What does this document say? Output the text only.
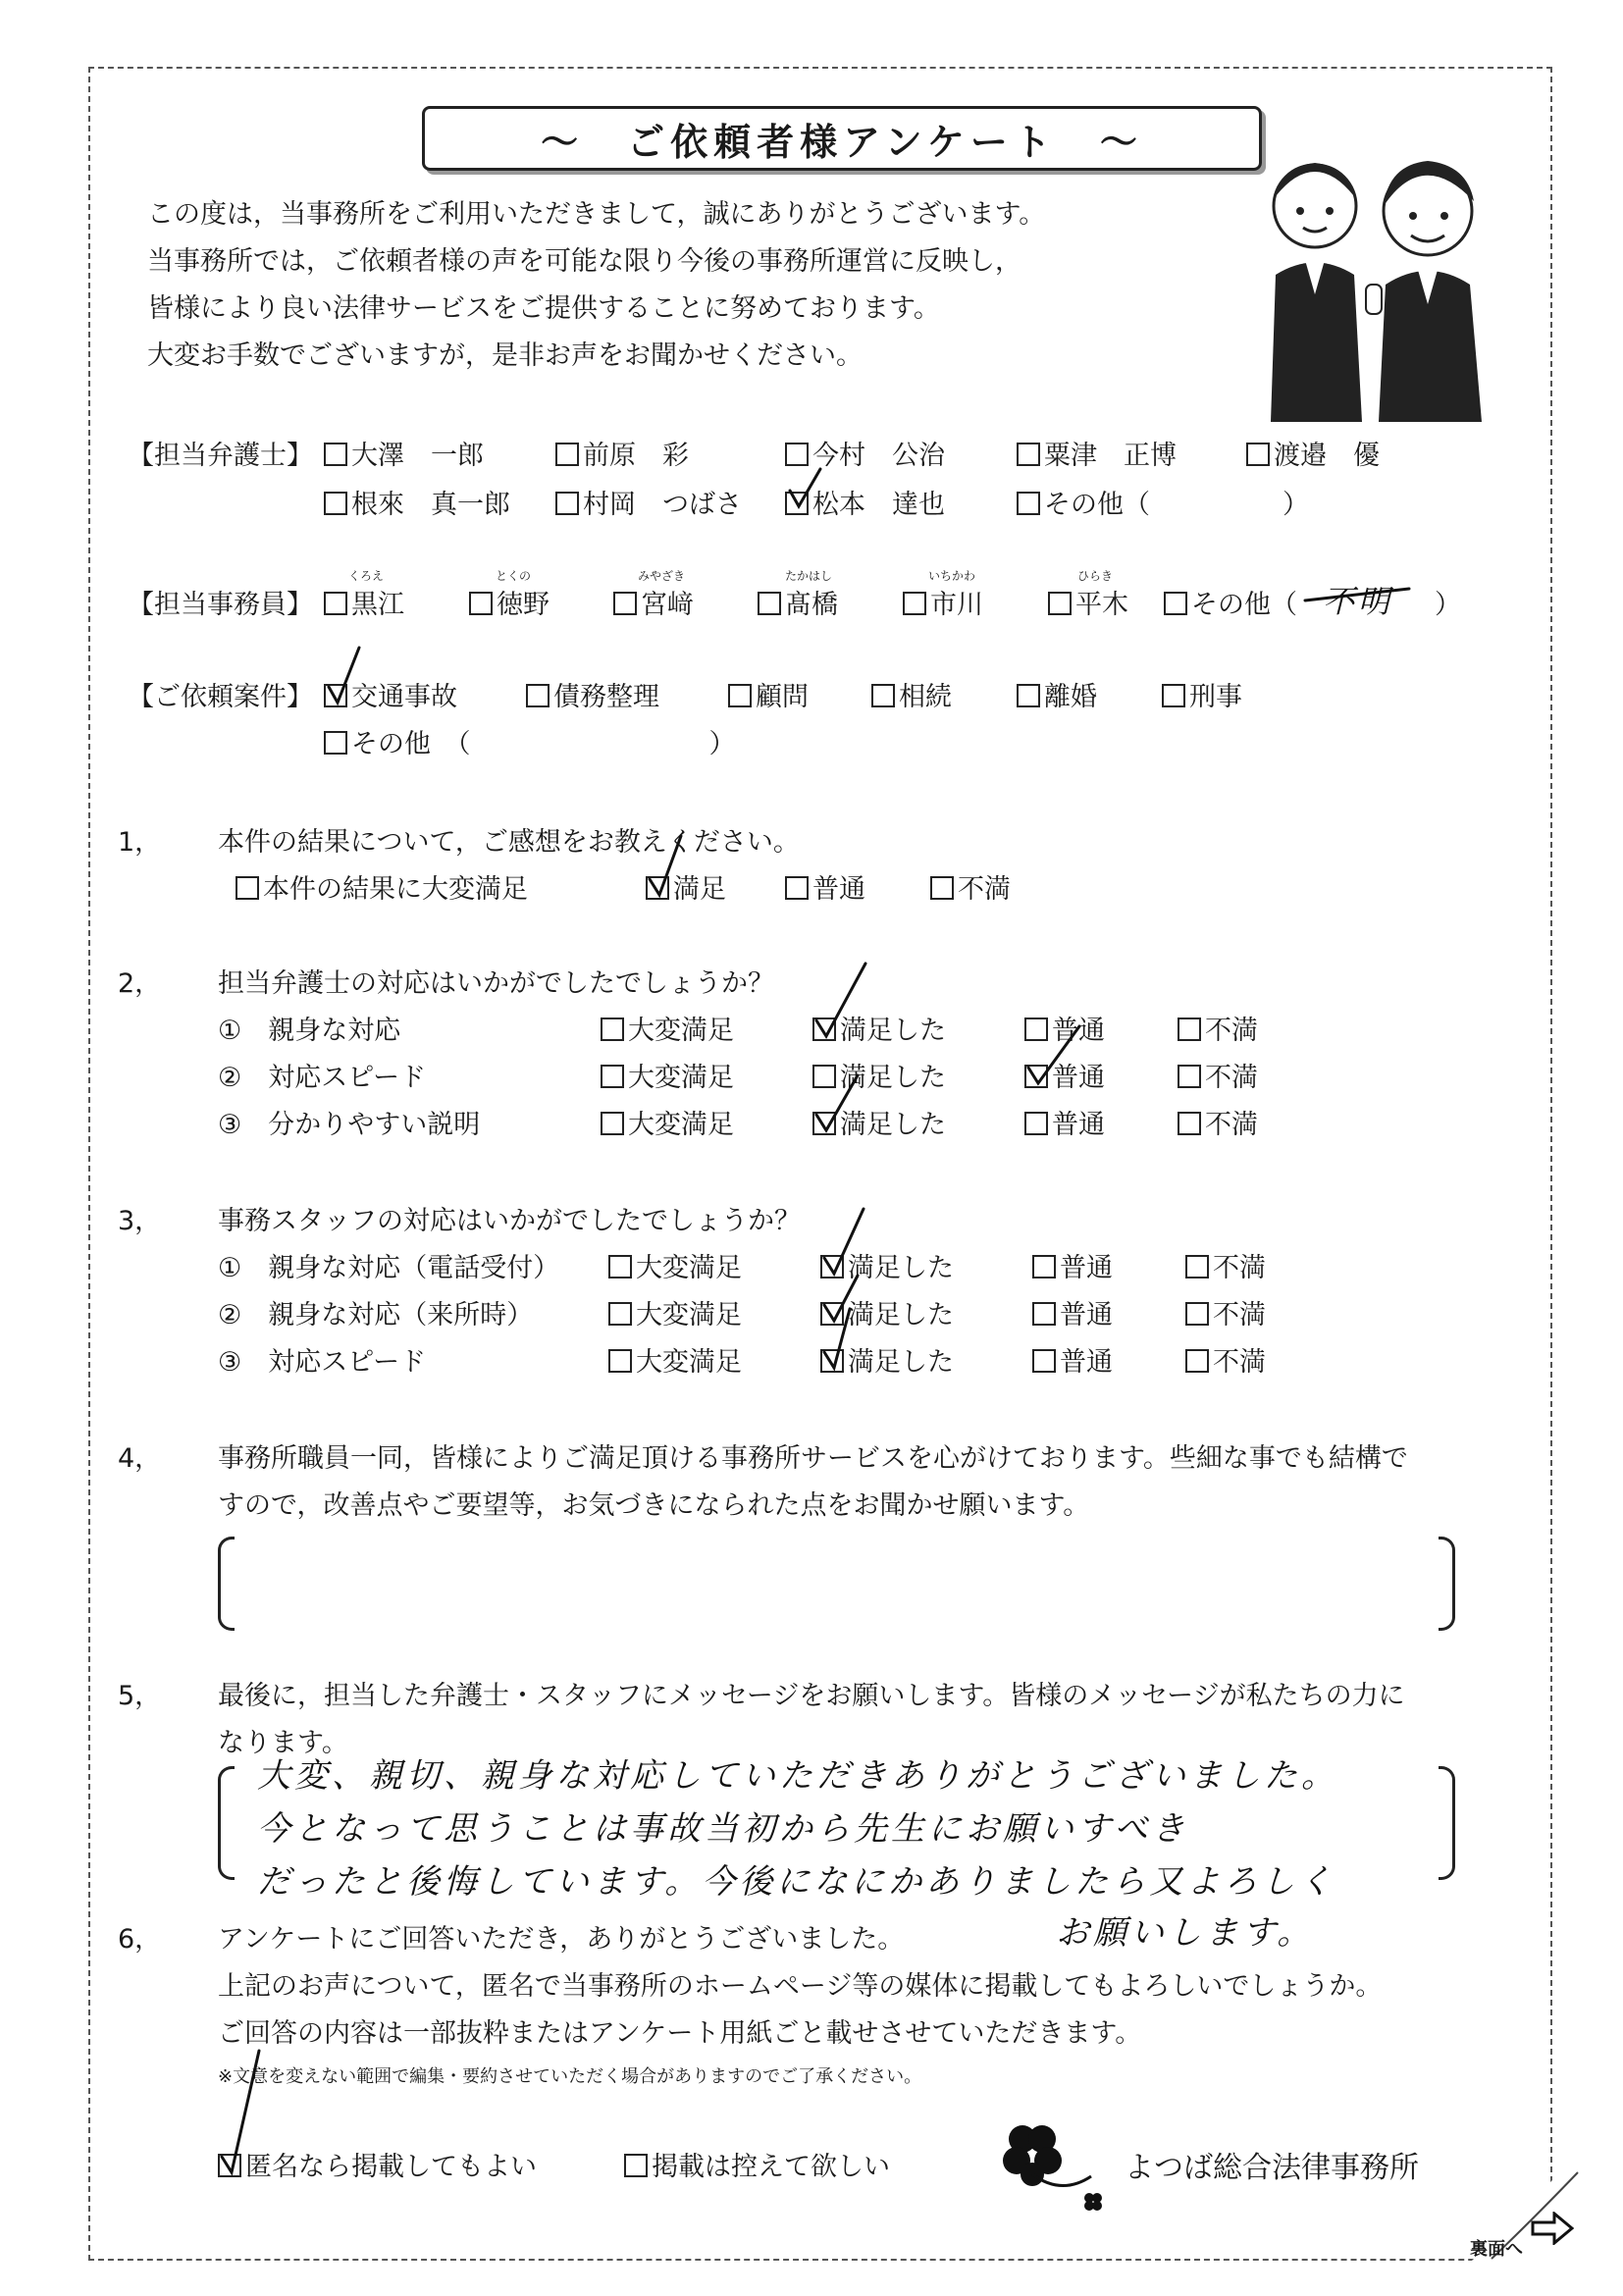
～　ご依頼者様アンケート　～
この度は，当事務所をご利用いただきまして，誠にありがとうございます。
当事務所では，ご依頼者様の声を可能な限り今後の事務所運営に反映し，
皆様により良い法律サービスをご提供することに努めております。
大変お手数でございますが，是非お声をお聞かせください。
【担当弁護士】	大澤　一郎	前原　彩	今村　公治	粟津　正博	渡邉　優
根來　真一郎	村岡　つばさ	松本　達也	その他（　　　　　）
【担当事務員】
くろえ	とくの	みやざき	たかはし	いちかわ	ひらき
黒江	徳野	宮﨑	髙橋	市川	平木	その他（ 不明 ）
【ご依頼案件】	交通事故	債務整理	顧問	相続	離婚	刑事
その他　（　　　　　　　　　）
1， 本件の結果について，ご感想をお教えください。
本件の結果に大変満足	満足	普通	不満
2， 担当弁護士の対応はいかがでしたでしょうか？
①　親身な対応	大変満足	満足した	普通	不満
②　対応スピード	大変満足	満足した	普通	不満
③　分かりやすい説明	大変満足	満足した	普通	不満
3， 事務スタッフの対応はいかがでしたでしょうか？
①　親身な対応（電話受付）	大変満足	満足した	普通	不満
②　親身な対応（来所時）	大変満足	満足した	普通	不満
③　対応スピード	大変満足	満足した	普通	不満
4， 事務所職員一同，皆様によりご満足頂ける事務所サービスを心がけております。些細な事でも結構で
すので，改善点やご要望等，お気づきになられた点をお聞かせ願います。
5， 最後に，担当した弁護士・スタッフにメッセージをお願いします。皆様のメッセージが私たちの力に
なります。
大変、親切、親身な対応していただきありがとうございました。
今となって思うことは事故当初から先生にお願いすべき
だったと後悔しています。今後になにかありましたら又よろしく
お願いします。
6， アンケートにご回答いただき，ありがとうございました。
上記のお声について，匿名で当事務所のホームページ等の媒体に掲載してもよろしいでしょうか。
ご回答の内容は一部抜粋またはアンケート用紙ごと載せさせていただきます。
※文意を変えない範囲で編集・要約させていただく場合がありますのでご了承ください。
匿名なら掲載してもよい	掲載は控えて欲しい	よつば総合法律事務所
裏面へ
